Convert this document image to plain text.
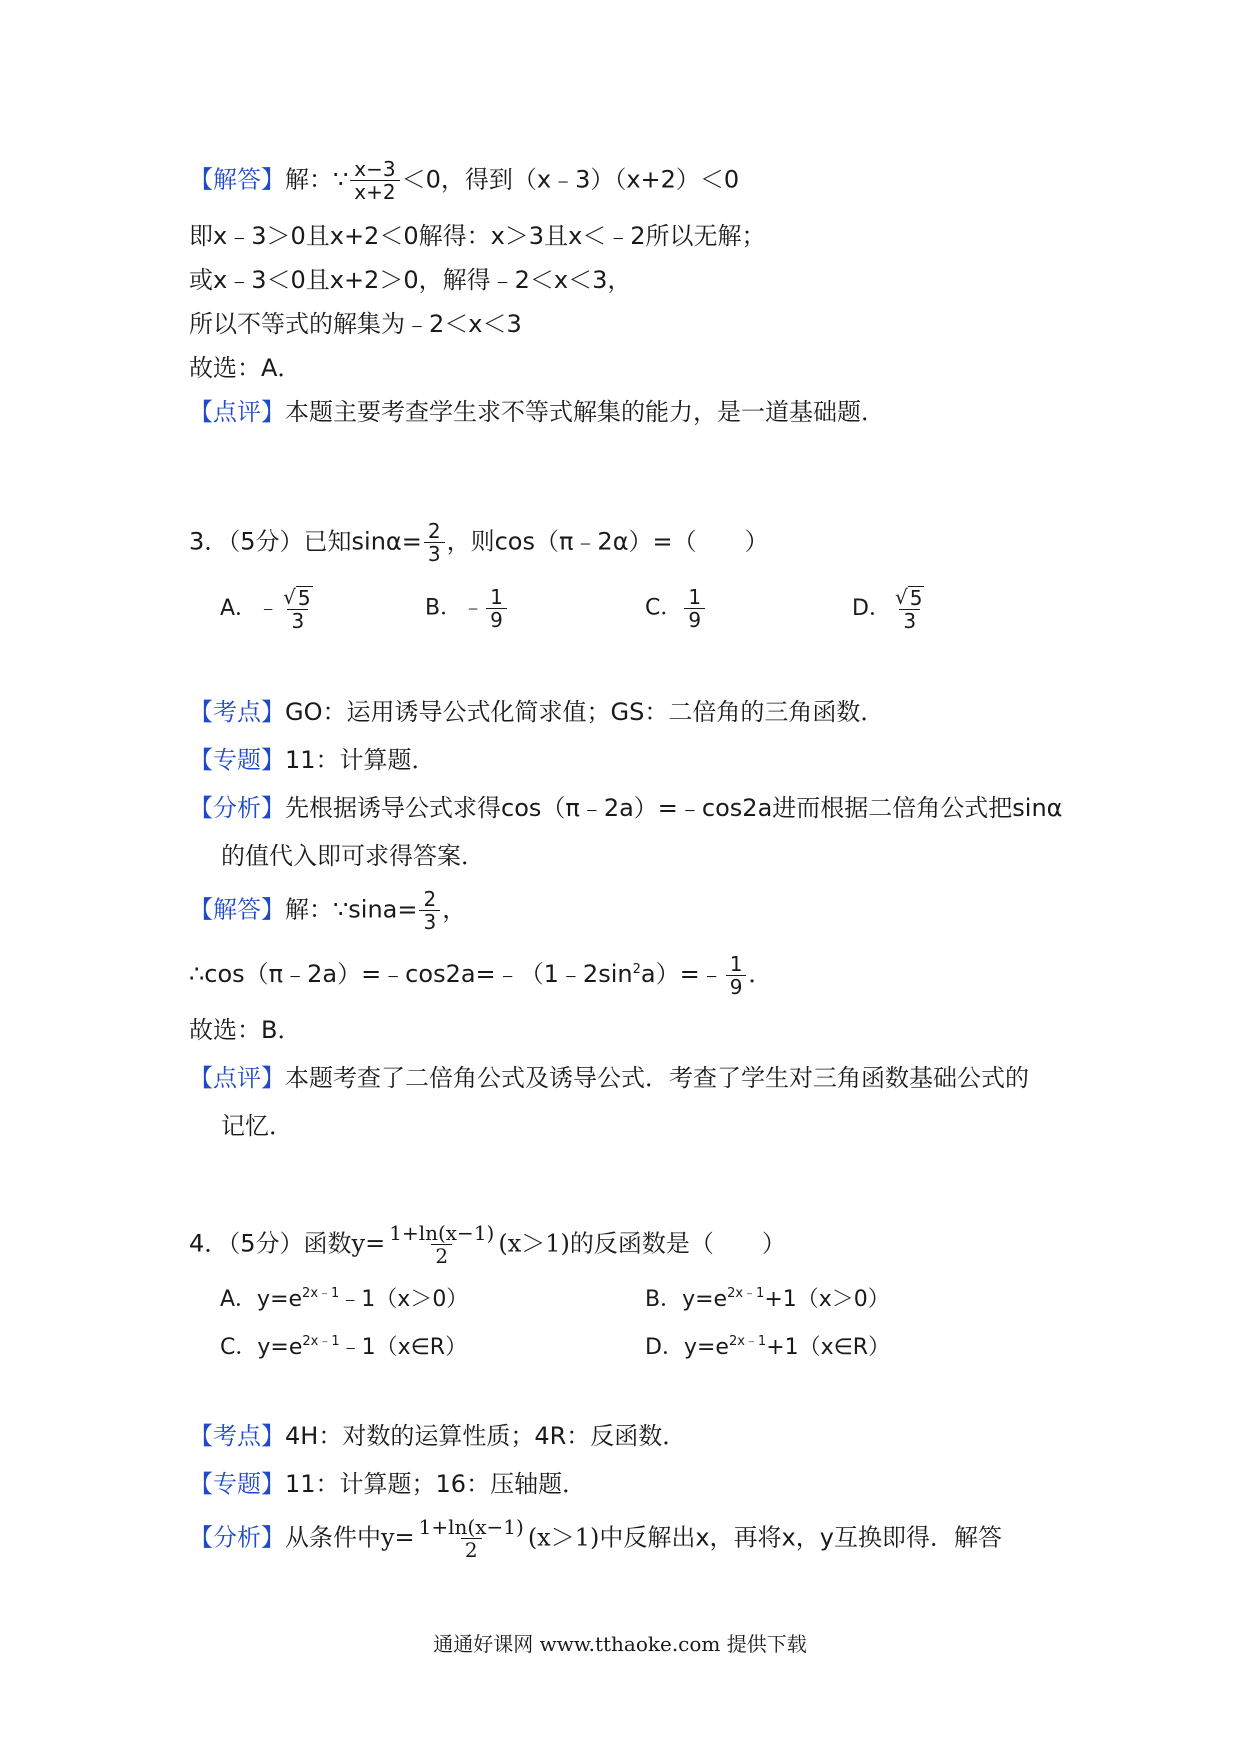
【解答】解：∵ $\frac{x-3}{x+2} <0$，得到（x﹣3）（x+2）＜0
即x﹣3＞0且x+2＜0解得：x＞3且x＜﹣2所以无解；
或x﹣3＜0且x+2＞0，解得﹣2＜x＜3，
所以不等式的解集为﹣2＜x＜3
故选：A．
【点评】本题主要考查学生求不等式解集的能力，是一道基础题．
3．（5分）已知$\sin\alpha= \frac{2}{3}$ ，则cos（π﹣2α）=（　　）
A．﹣ $\frac{√ 5}{3}$	B．﹣ $\frac{1}{9}$	C． $\frac{1}{9}$	D． $\frac{√ 5}{3}$
【考点】GO：运用诱导公式化简求值；GS：二倍角的三角函数．
【专题】11：计算题．
【分析】先根据诱导公式求得cos（π﹣2a）=﹣cos2a进而根据二倍角公式把sinα
的值代入即可求得答案．
【解答】解：∵sina= $\frac{2}{3}$ ，
$\therefore\cos(\pi﹣2a)=﹣\cos 2a=﹣(1﹣2\sin^2a)=﹣ \frac{1}{9}$ ．
故选：B．
【点评】本题考查了二倍角公式及诱导公式．考查了学生对三角函数基础公式的
记忆．
4．（5分）函数$y= \frac{1+\ln(x-1)}{2} (x>1)$的反函数是（　　）
A．$y=e^{2x﹣1}﹣1(x>0)$	B．$y=e^{2x﹣1}+1(x>0)$
C．$y=e^{2x﹣1}﹣1(x\in R)$	D．$y=e^{2x﹣1}+1(x\in R)$
【考点】4H：对数的运算性质；4R：反函数．
【专题】11：计算题；16：压轴题．
【分析】从条件中$y= \frac{1+\ln(x-1)}{2} (x>1)$中反解出x，再将x，y互换即得．解答
通通好课网 www.tthaoke.com 提供下载
